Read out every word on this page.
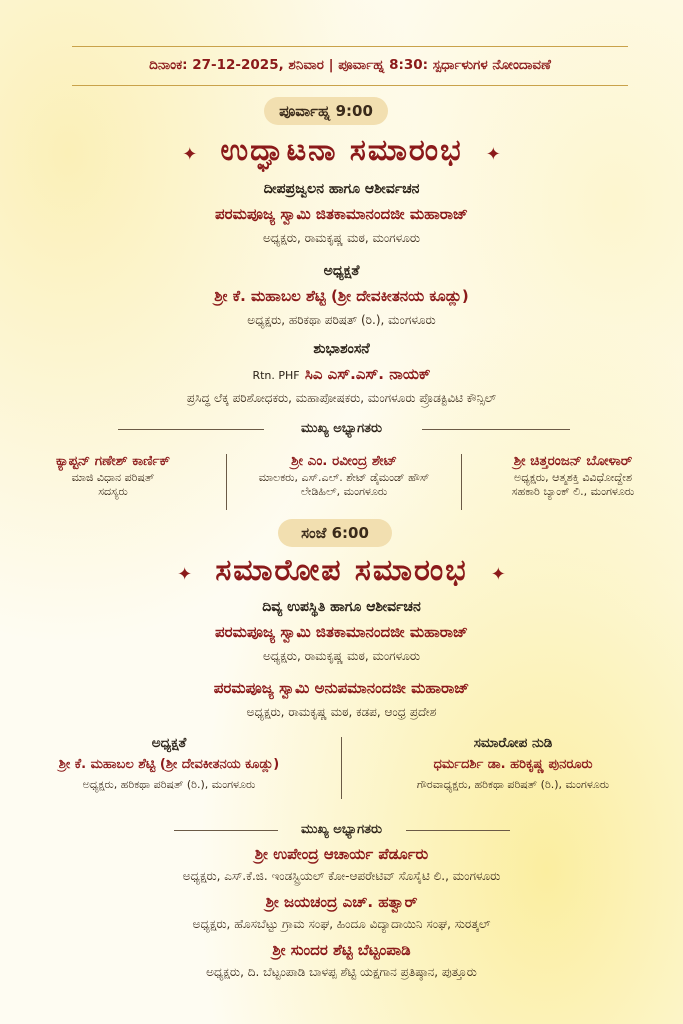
ದಿನಾಂಕ: 27-12-2025, ಶನಿವಾರ | ಪೂರ್ವಾಹ್ನ 8:30: ಸ್ಪರ್ಧಾಳುಗಳ ನೋಂದಾವಣೆ
ಪೂರ್ವಾಹ್ನ 9:00
✦ ಉದ್ಘಾಟನಾ ಸಮಾರಂಭ ✦
ದೀಪಪ್ರಜ್ವಲನ ಹಾಗೂ ಆಶೀರ್ವಚನ
ಪರಮಪೂಜ್ಯ ಸ್ವಾಮಿ ಜಿತಕಾಮಾನಂದಜೀ ಮಹಾರಾಜ್
ಅಧ್ಯಕ್ಷರು, ರಾಮಕೃಷ್ಣ ಮಠ, ಮಂಗಳೂರು
ಅಧ್ಯಕ್ಷತೆ
ಶ್ರೀ ಕೆ. ಮಹಾಬಲ ಶೆಟ್ಟಿ (ಶ್ರೀ ದೇವಕೀತನಯ ಕೂಡ್ಲು)
ಅಧ್ಯಕ್ಷರು, ಹರಿಕಥಾ ಪರಿಷತ್ (ರಿ.), ಮಂಗಳೂರು
ಶುಭಾಶಂಸನೆ
Rtn. PHF ಸಿಎ ಎಸ್.ಎಸ್. ನಾಯಕ್
ಪ್ರಸಿದ್ಧ ಲೆಕ್ಕ ಪರಿಶೋಧಕರು, ಮಹಾಪೋಷಕರು, ಮಂಗಳೂರು ಪ್ರೊಡಕ್ಟಿವಿಟಿ ಕೌನ್ಸಿಲ್
ಮುಖ್ಯ ಅಭ್ಯಾಗತರು
ಕ್ಯಾಪ್ಟನ್ ಗಣೇಶ್ ಕಾರ್ಣಿಕ್
ಮಾಜಿ ವಿಧಾನ ಪರಿಷತ್
ಸದಸ್ಯರು
ಶ್ರೀ ಎಂ. ರವೀಂದ್ರ ಶೇಟ್
ಮಾಲಕರು, ಎಸ್.ಎಲ್. ಶೇಟ್ ಡೈಮಂಡ್ ಹೌಸ್
ಲೇಡಿಹಿಲ್, ಮಂಗಳೂರು
ಶ್ರೀ ಚಿತ್ತರಂಜನ್ ಬೋಳಾರ್
ಅಧ್ಯಕ್ಷರು, ಆತ್ಮಶಕ್ತಿ ವಿವಿಧೋದ್ದೇಶ
ಸಹಕಾರಿ ಬ್ಯಾಂಕ್ ಲಿ., ಮಂಗಳೂರು
ಸಂಜೆ 6:00
✦ ಸಮಾರೋಪ ಸಮಾರಂಭ ✦
ದಿವ್ಯ ಉಪಸ್ಥಿತಿ ಹಾಗೂ ಆಶೀರ್ವಚನ
ಪರಮಪೂಜ್ಯ ಸ್ವಾಮಿ ಜಿತಕಾಮಾನಂದಜೀ ಮಹಾರಾಜ್
ಅಧ್ಯಕ್ಷರು, ರಾಮಕೃಷ್ಣ ಮಠ, ಮಂಗಳೂರು
ಪರಮಪೂಜ್ಯ ಸ್ವಾಮಿ ಅನುಪಮಾನಂದಜೀ ಮಹಾರಾಜ್
ಅಧ್ಯಕ್ಷರು, ರಾಮಕೃಷ್ಣ ಮಠ, ಕಡಪ, ಆಂಧ್ರ ಪ್ರದೇಶ
ಅಧ್ಯಕ್ಷತೆ
ಶ್ರೀ ಕೆ. ಮಹಾಬಲ ಶೆಟ್ಟಿ (ಶ್ರೀ ದೇವಕೀತನಯ ಕೂಡ್ಲು)
ಅಧ್ಯಕ್ಷರು, ಹರಿಕಥಾ ಪರಿಷತ್ (ರಿ.), ಮಂಗಳೂರು
ಸಮಾರೋಪ ನುಡಿ
ಧರ್ಮದರ್ಶಿ ಡಾ. ಹರಿಕೃಷ್ಣ ಪುನರೂರು
ಗೌರವಾಧ್ಯಕ್ಷರು, ಹರಿಕಥಾ ಪರಿಷತ್ (ರಿ.), ಮಂಗಳೂರು
ಮುಖ್ಯ ಅಭ್ಯಾಗತರು
ಶ್ರೀ ಉಪೇಂದ್ರ ಆಚಾರ್ಯ ಪೆರ್ಡೂರು
ಅಧ್ಯಕ್ಷರು, ಎಸ್.ಕೆ.ಜಿ. ಇಂಡಸ್ಟ್ರಿಯಲ್ ಕೋ-ಆಪರೇಟಿವ್ ಸೊಸೈಟಿ ಲಿ., ಮಂಗಳೂರು
ಶ್ರೀ ಜಯಚಂದ್ರ ಎಚ್. ಹತ್ವಾರ್
ಅಧ್ಯಕ್ಷರು, ಹೊಸಬೆಟ್ಟು ಗ್ರಾಮ ಸಂಘ, ಹಿಂದೂ ವಿದ್ಯಾದಾಯಿನಿ ಸಂಘ, ಸುರತ್ಕಲ್
ಶ್ರೀ ಸುಂದರ ಶೆಟ್ಟಿ ಬೆಟ್ಟಂಪಾಡಿ
ಅಧ್ಯಕ್ಷರು, ದಿ. ಬೆಟ್ಟಂಪಾಡಿ ಬಾಳಪ್ಪ ಶೆಟ್ಟಿ ಯಕ್ಷಗಾನ ಪ್ರತಿಷ್ಠಾನ, ಪುತ್ತೂರು
